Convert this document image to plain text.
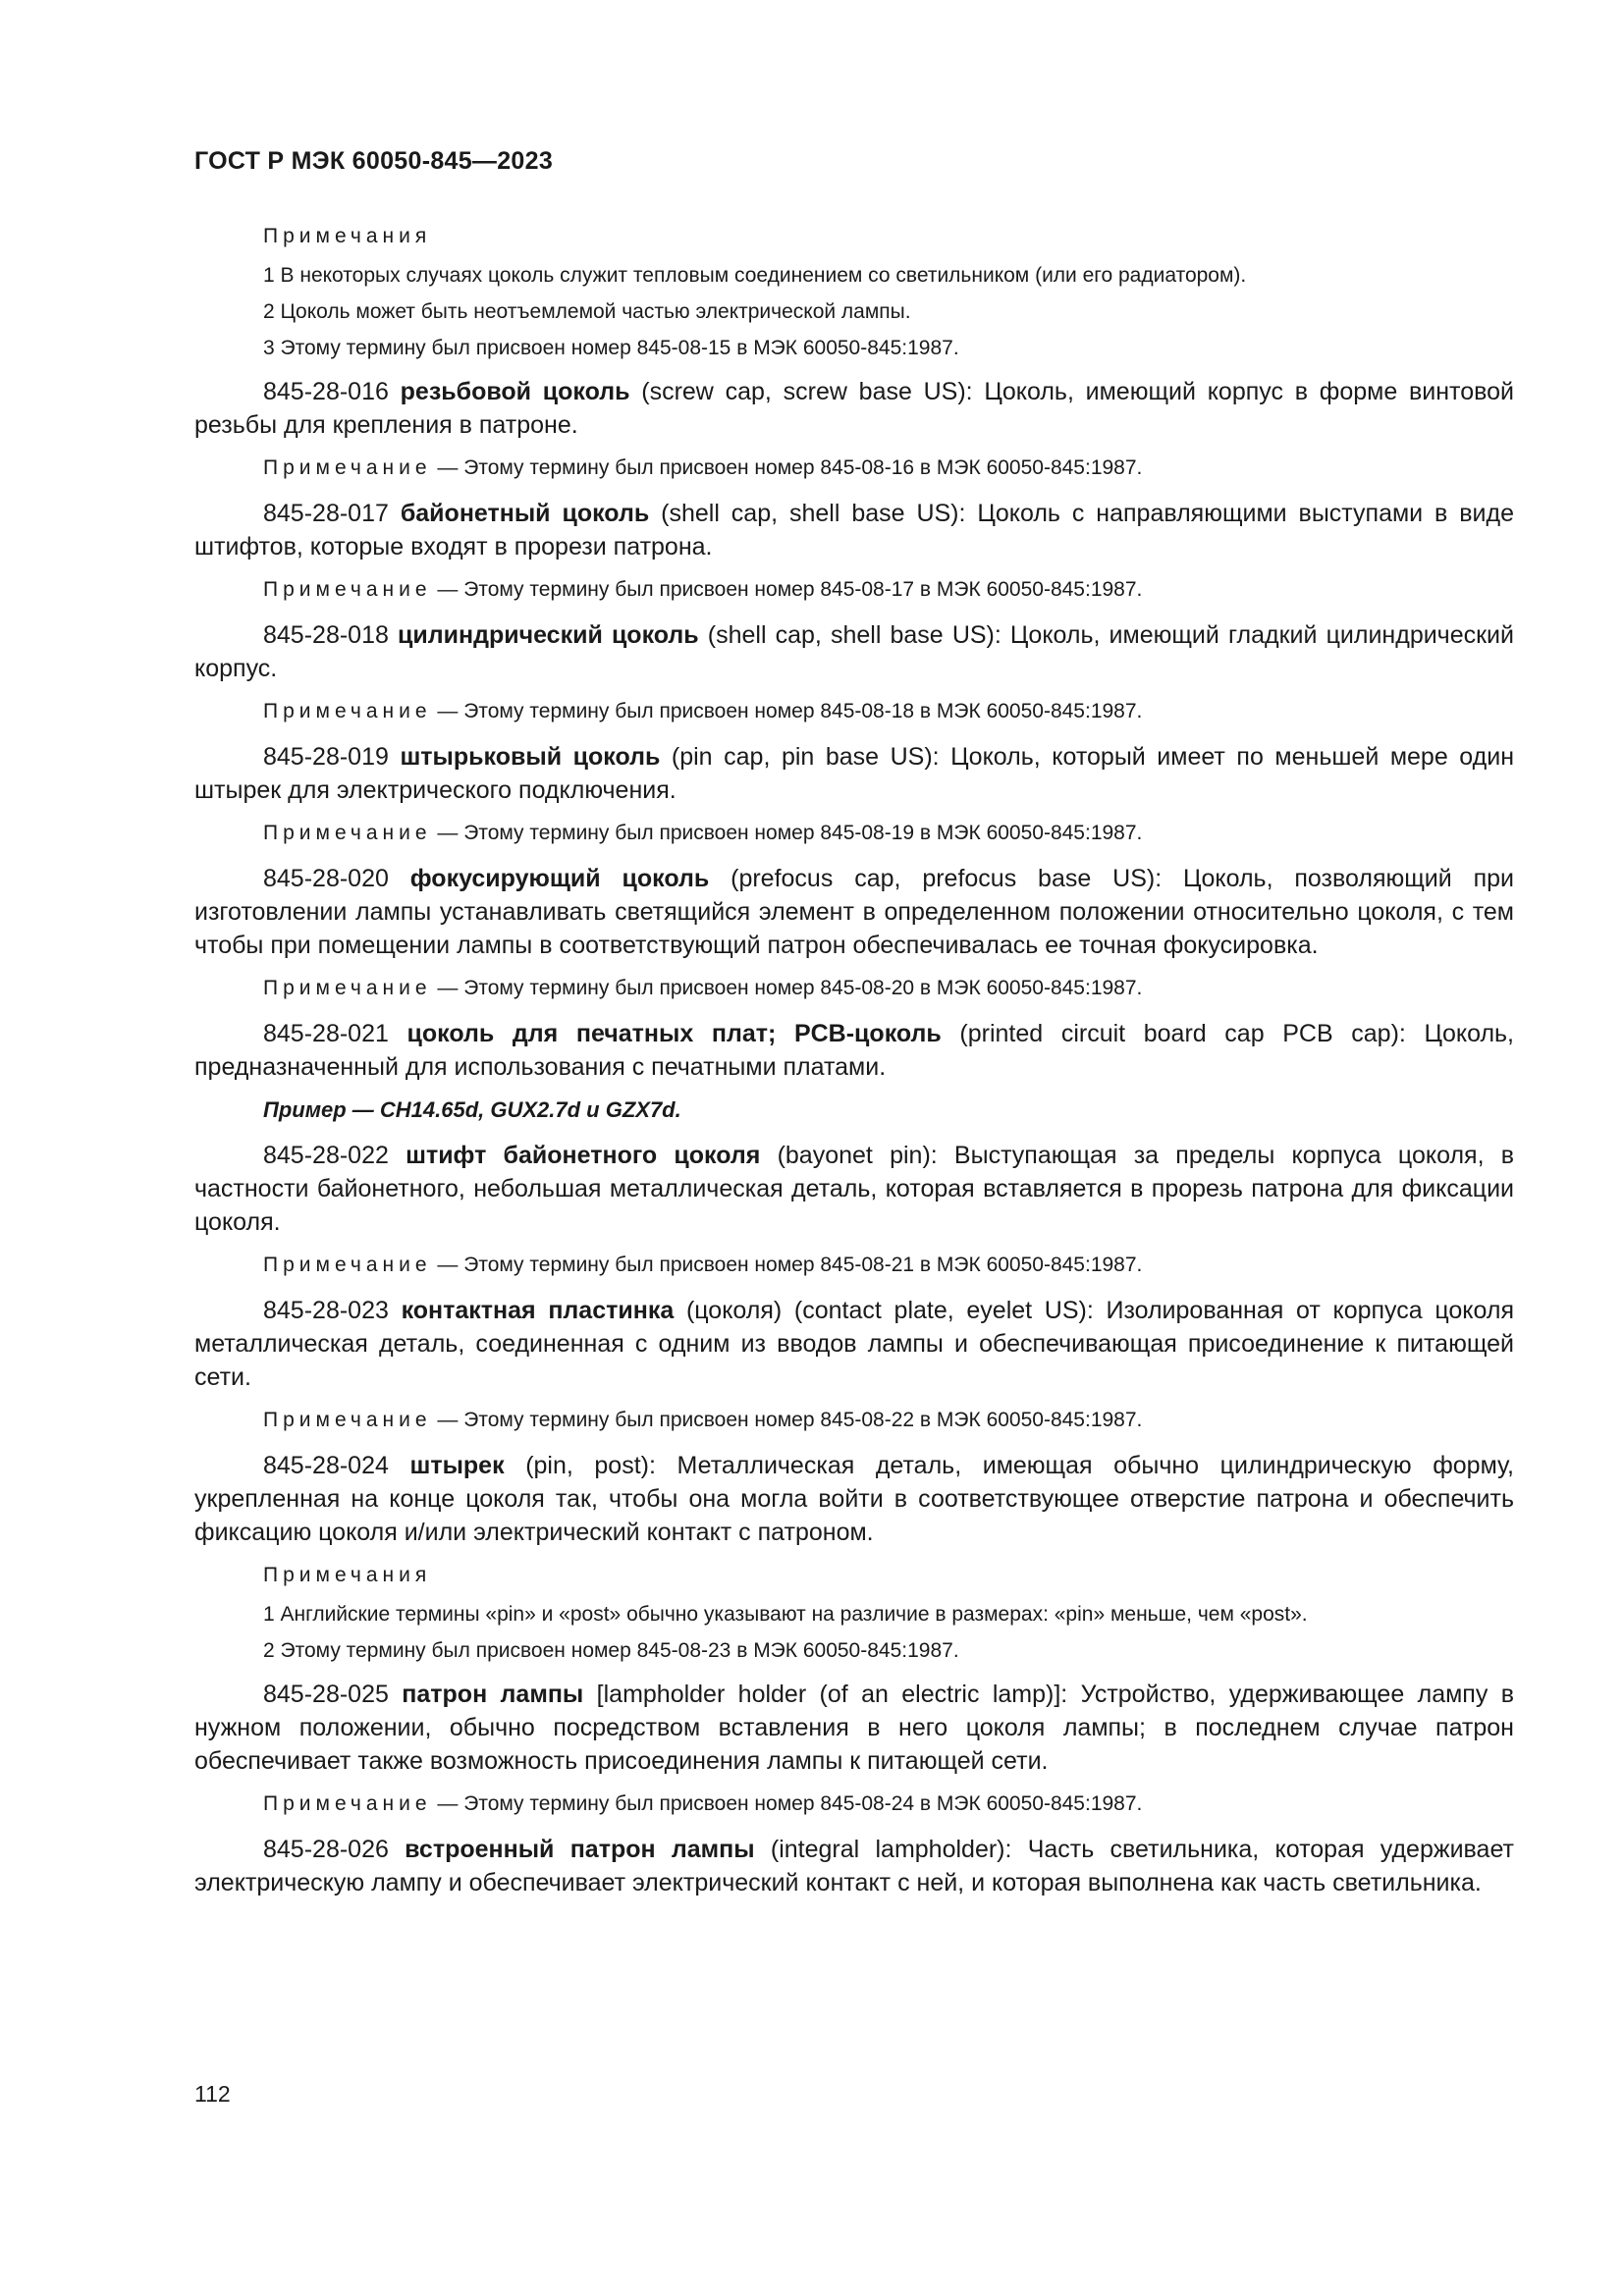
ГОСТ Р МЭК 60050-845—2023
Примечания
1 В некоторых случаях цоколь служит тепловым соединением со светильником (или его радиатором).
2 Цоколь может быть неотъемлемой частью электрической лампы.
3 Этому термину был присвоен номер 845-08-15 в МЭК 60050-845:1987.

845-28-016 резьбовой цоколь (screw cap, screw base US): Цоколь, имеющий корпус в форме винтовой резьбы для крепления в патроне.

Примечание — Этому термину был присвоен номер 845-08-16 в МЭК 60050-845:1987.

845-28-017 байонетный цоколь (shell cap, shell base US): Цоколь с направляющими выступами в виде штифтов, которые входят в прорези патрона.

Примечание — Этому термину был присвоен номер 845-08-17 в МЭК 60050-845:1987.

845-28-018 цилиндрический цоколь (shell cap, shell base US): Цоколь, имеющий гладкий цилиндрический корпус.

Примечание — Этому термину был присвоен номер 845-08-18 в МЭК 60050-845:1987.

845-28-019 штырьковый цоколь (pin cap, pin base US): Цоколь, который имеет по меньшей мере один штырек для электрического подключения.

Примечание — Этому термину был присвоен номер 845-08-19 в МЭК 60050-845:1987.

845-28-020 фокусирующий цоколь (prefocus cap, prefocus base US): Цоколь, позволяющий при изготовлении лампы устанавливать светящийся элемент в определенном положении относительно цоколя, с тем чтобы при помещении лампы в соответствующий патрон обеспечивалась ее точная фокусировка.

Примечание — Этому термину был присвоен номер 845-08-20 в МЭК 60050-845:1987.

845-28-021 цоколь для печатных плат; PCB-цоколь (printed circuit board cap PCB cap): Цоколь, предназначенный для использования с печатными платами.

Пример — CH14.65d, GUX2.7d и GZX7d.

845-28-022 штифт байонетного цоколя (bayonet pin): Выступающая за пределы корпуса цоколя, в частности байонетного, небольшая металлическая деталь, которая вставляется в прорезь патрона для фиксации цоколя.

Примечание — Этому термину был присвоен номер 845-08-21 в МЭК 60050-845:1987.

845-28-023 контактная пластинка (цоколя) (contact plate, eyelet US): Изолированная от корпуса цоколя металлическая деталь, соединенная с одним из вводов лампы и обеспечивающая присоединение к питающей сети.

Примечание — Этому термину был присвоен номер 845-08-22 в МЭК 60050-845:1987.

845-28-024 штырек (pin, post): Металлическая деталь, имеющая обычно цилиндрическую форму, укрепленная на конце цоколя так, чтобы она могла войти в соответствующее отверстие патрона и обеспечить фиксацию цоколя и/или электрический контакт с патроном.

Примечания
1 Английские термины «pin» и «post» обычно указывают на различие в размерах: «pin» меньше, чем «post».
2 Этому термину был присвоен номер 845-08-23 в МЭК 60050-845:1987.

845-28-025 патрон лампы [lampholder holder (of an electric lamp)]: Устройство, удерживающее лампу в нужном положении, обычно посредством вставления в него цоколя лампы; в последнем случае патрон обеспечивает также возможность присоединения лампы к питающей сети.

Примечание — Этому термину был присвоен номер 845-08-24 в МЭК 60050-845:1987.

845-28-026 встроенный патрон лампы (integral lampholder): Часть светильника, которая удерживает электрическую лампу и обеспечивает электрический контакт с ней, и которая выполнена как часть светильника.

112
